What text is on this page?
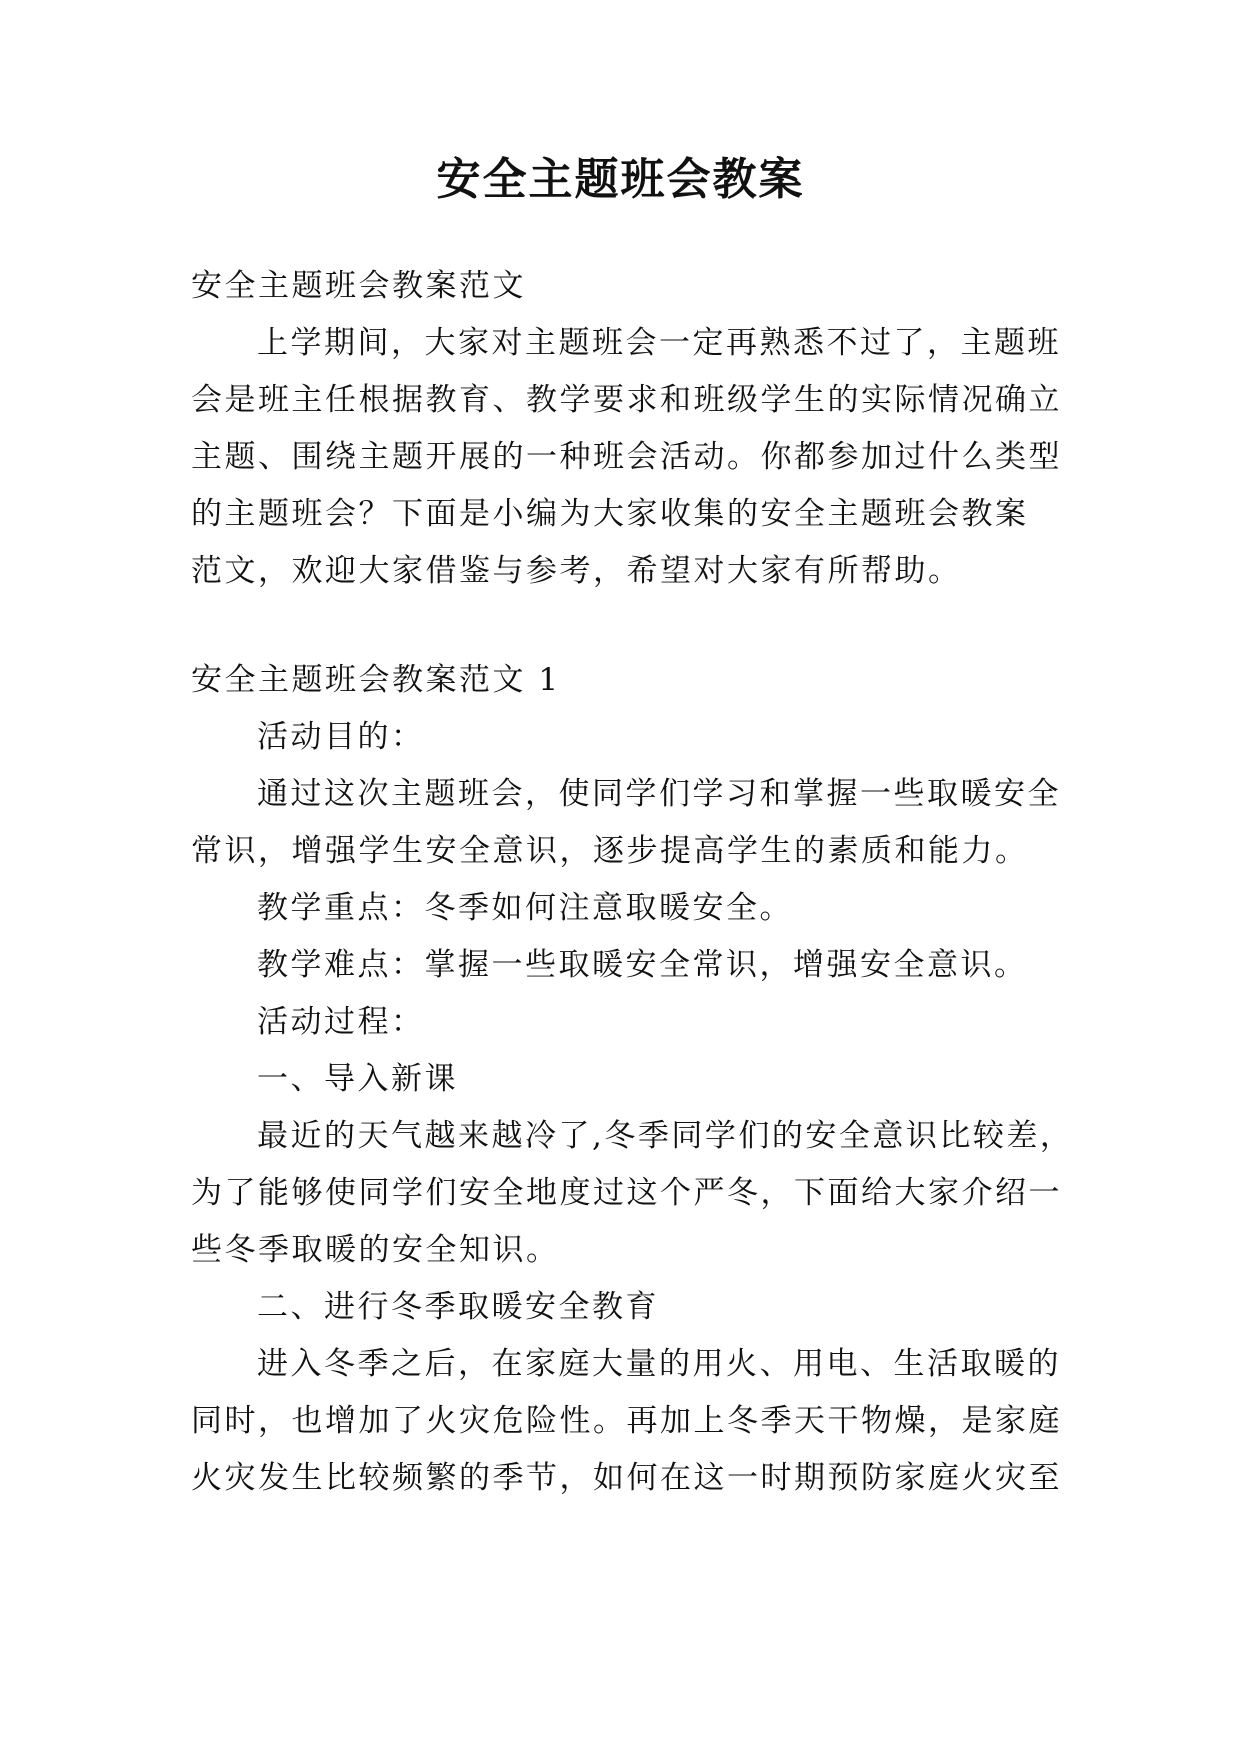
安全主题班会教案
安全主题班会教案范文
上学期间，大家对主题班会一定再熟悉不过了，主题班
会是班主任根据教育、教学要求和班级学生的实际情况确立
主题、围绕主题开展的一种班会活动。你都参加过什么类型
的主题班会？下面是小编为大家收集的安全主题班会教案
范文，欢迎大家借鉴与参考，希望对大家有所帮助。
安全主题班会教案范文 1
活动目的：
通过这次主题班会，使同学们学习和掌握一些取暖安全
常识，增强学生安全意识，逐步提高学生的素质和能力。
教学重点：冬季如何注意取暖安全。
教学难点：掌握一些取暖安全常识，增强安全意识。
活动过程：
一、导入新课
最近的天气越来越冷了,冬季同学们的安全意识比较差，
为了能够使同学们安全地度过这个严冬，下面给大家介绍一
些冬季取暖的安全知识。
二、进行冬季取暖安全教育
进入冬季之后，在家庭大量的用火、用电、生活取暖的
同时，也增加了火灾危险性。再加上冬季天干物燥，是家庭
火灾发生比较频繁的季节，如何在这一时期预防家庭火灾至
